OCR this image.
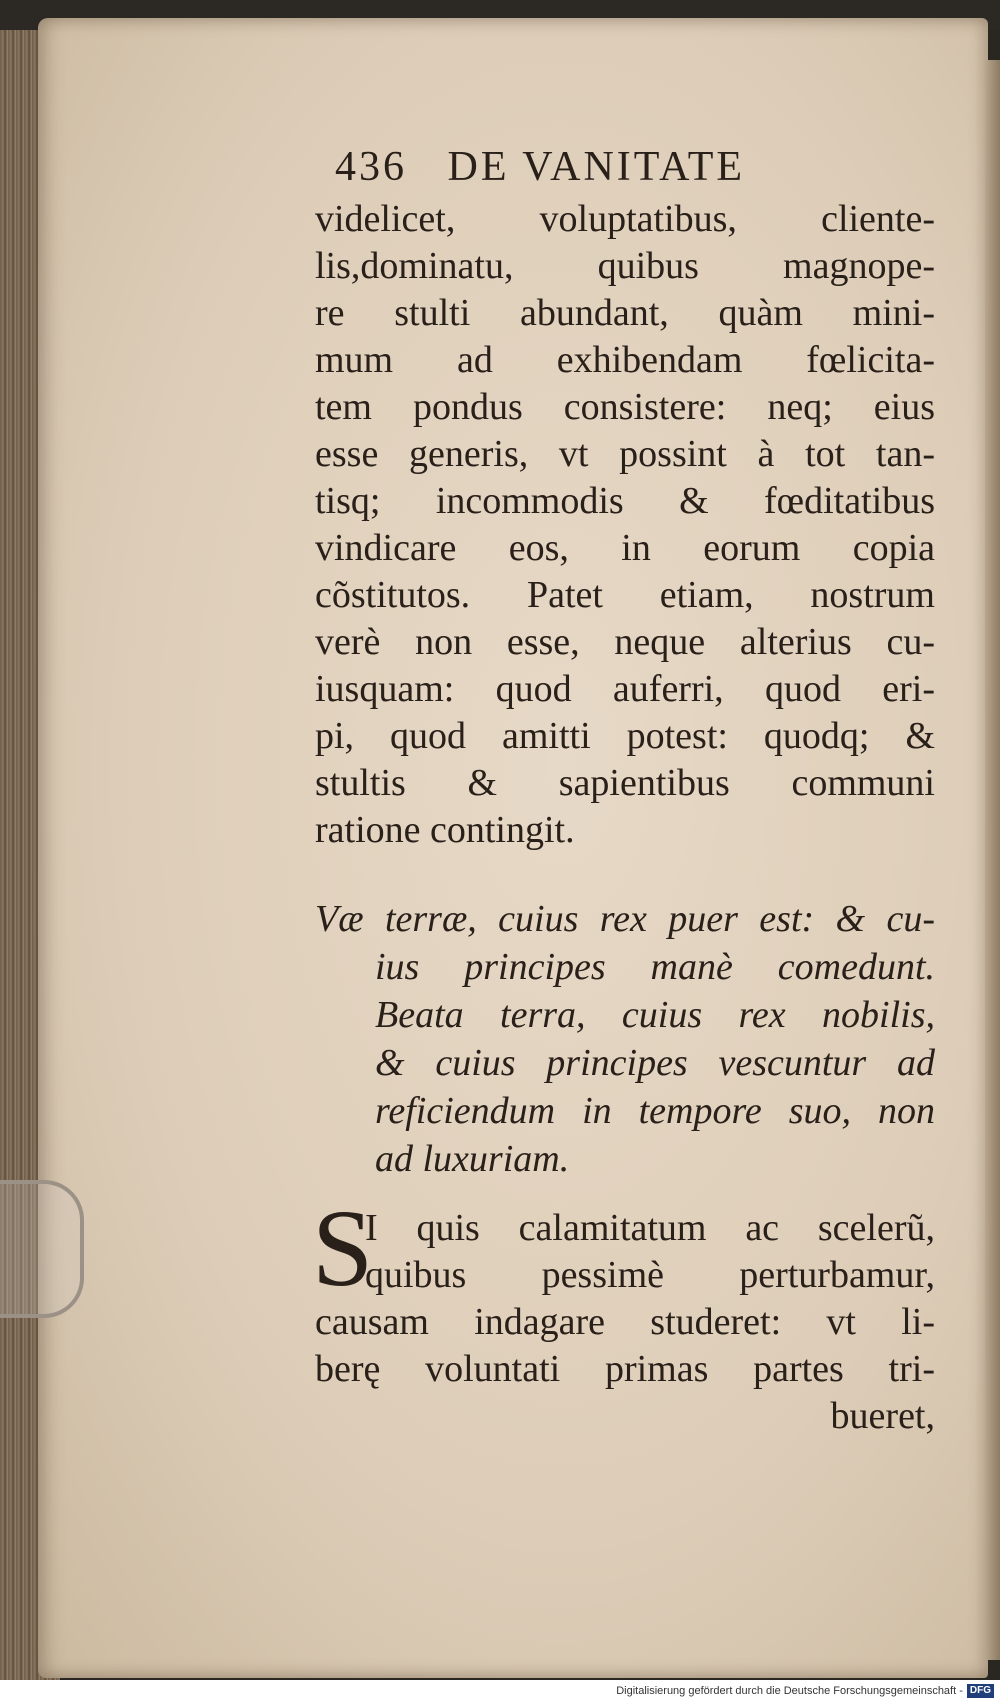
436 DE VANITATE
videlicet, voluptatibus, cliente-
lis,dominatu, quibus magnope-
re stulti abundant, quàm mini-
mum ad exhibendam fœlicita-
tem pondus consistere: neq; eius
esse generis, vt possint à tot tan-
tisq; incommodis & fœditatibus
vindicare eos, in eorum copia
cõstitutos. Patet etiam, nostrum
verè non esse, neque alterius cu-
iusquam: quod auferri, quod eri-
pi, quod amitti potest: quodq; &
stultis & sapientibus communi
ratione contingit.
Væ terræ, cuius rex puer est: & cu-
ius principes manè comedunt.
Beata terra, cuius rex nobilis,
& cuius principes vescuntur ad
reficiendum in tempore suo, non
ad luxuriam.
S
I quis calamitatum ac scelerũ,
quibus pessimè perturbamur,
causam indagare studeret: vt li-
berę voluntati primas partes tri-
bueret,
Digitalisierung gefördert durch die Deutsche Forschungsgemeinschaft - DFG
